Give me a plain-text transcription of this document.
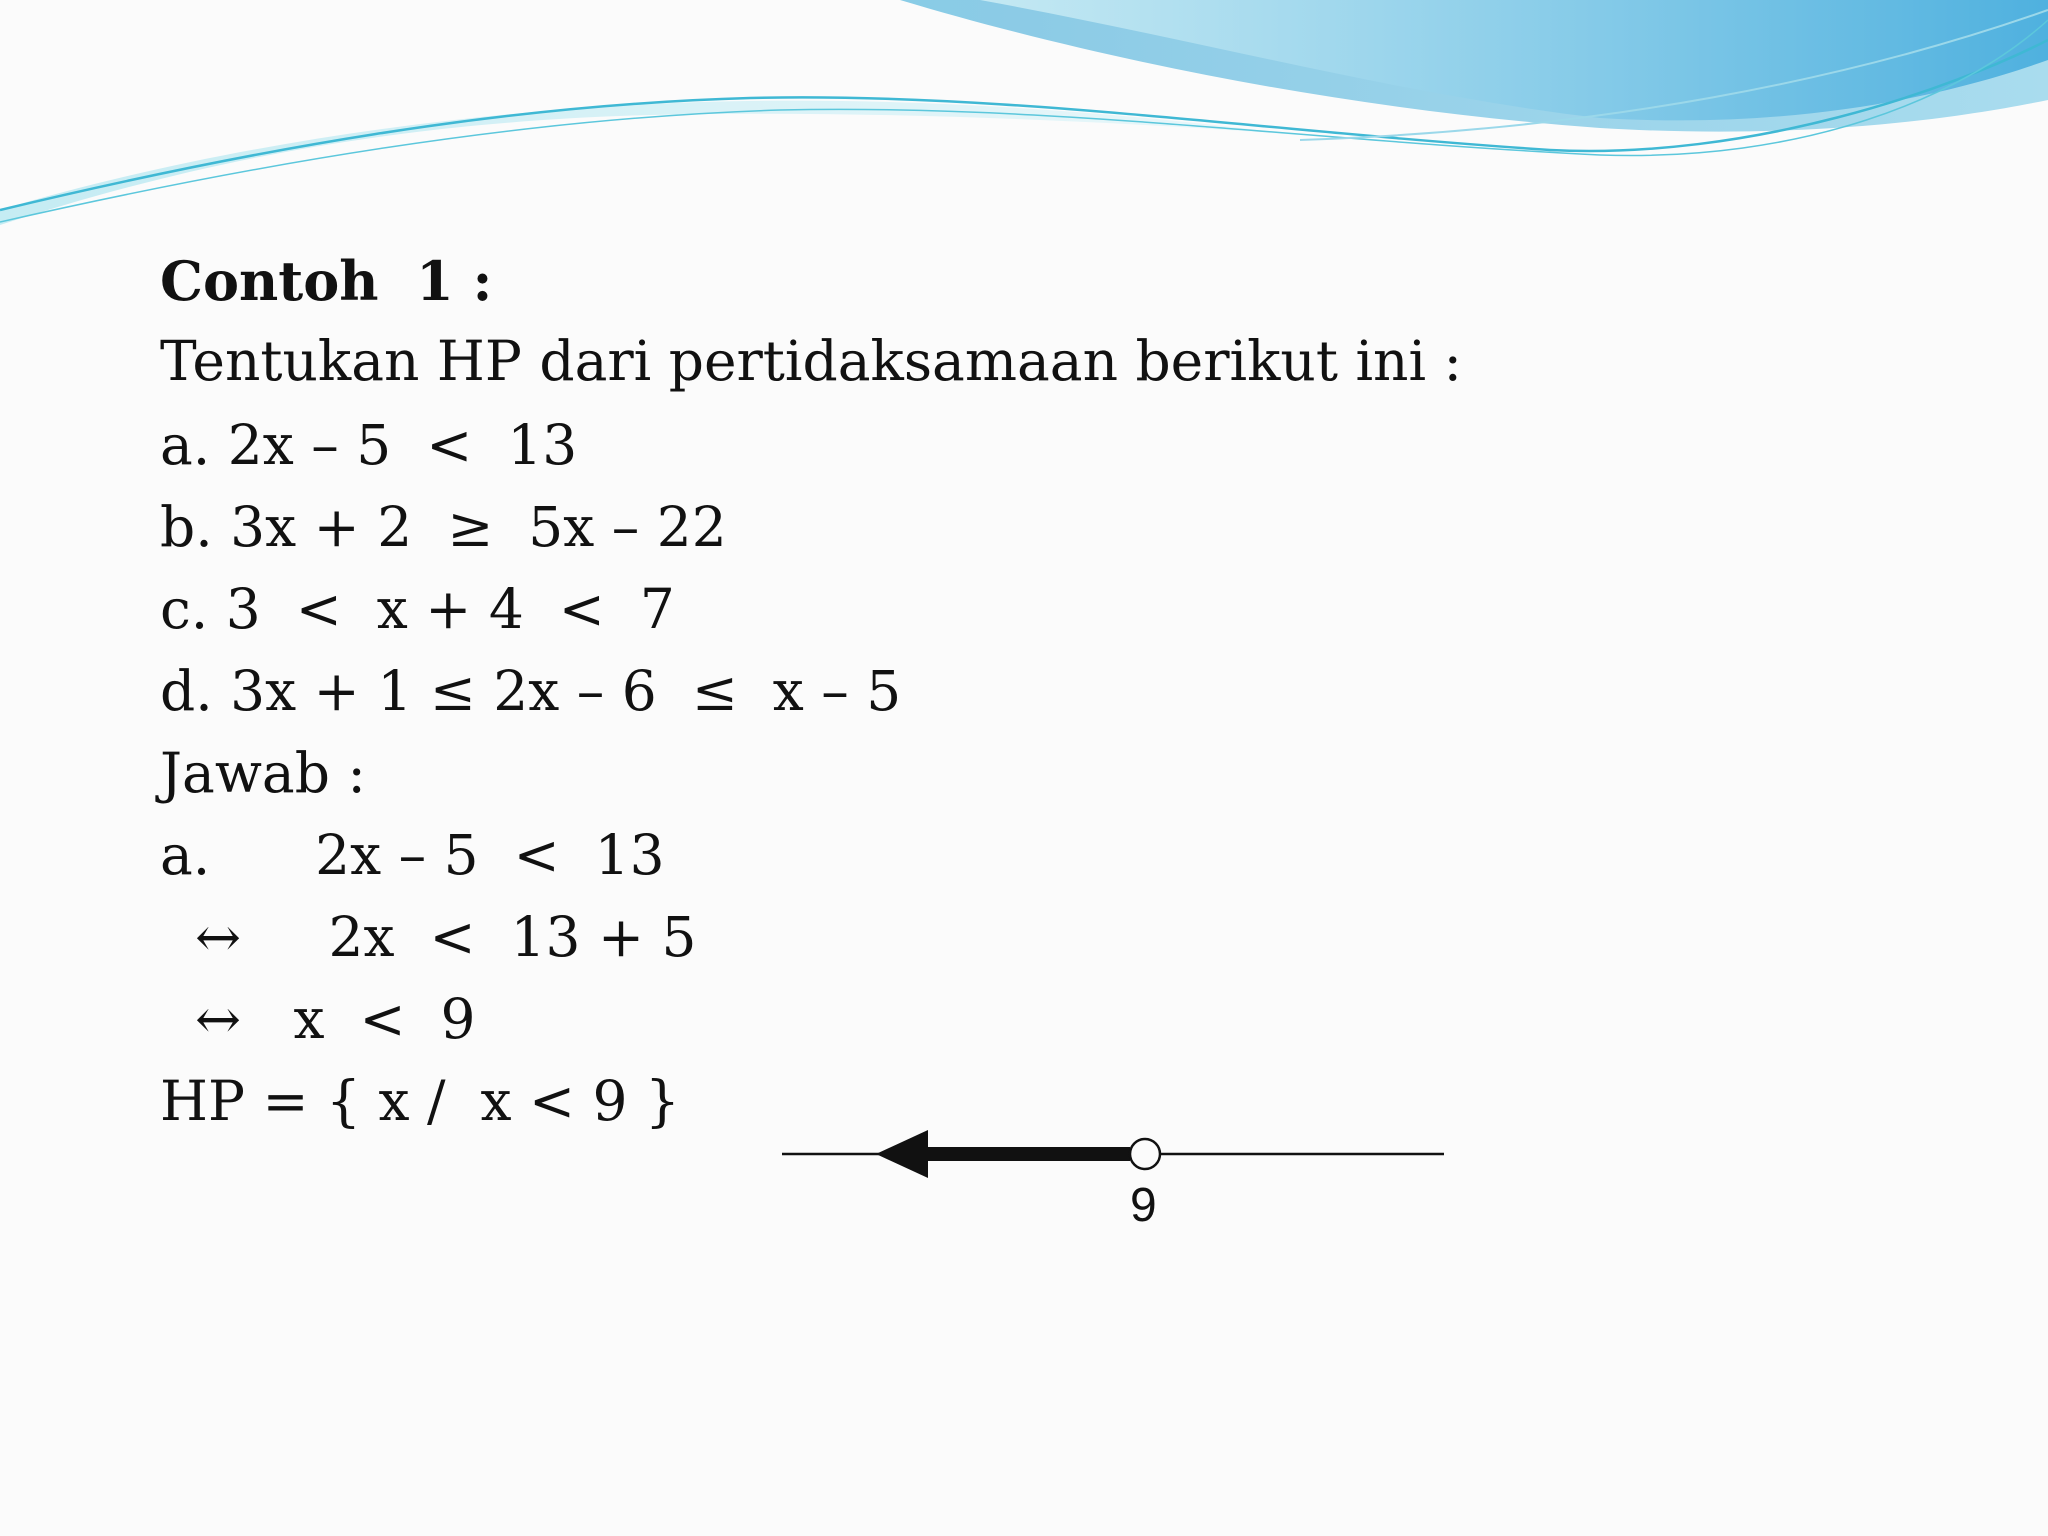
Contoh  1 :
Tentukan HP dari pertidaksamaan berikut ini :
a. 2x – 5  <  13
b. 3x + 2  ≥  5x – 22
c. 3  <  x + 4  <  7
d. 3x + 1 ≤ 2x – 6  ≤  x – 5
Jawab :
a.      2x – 5  <  13
↔     2x  <  13 + 5
↔   x  <  9
HP = { x /  x < 9 }
9
